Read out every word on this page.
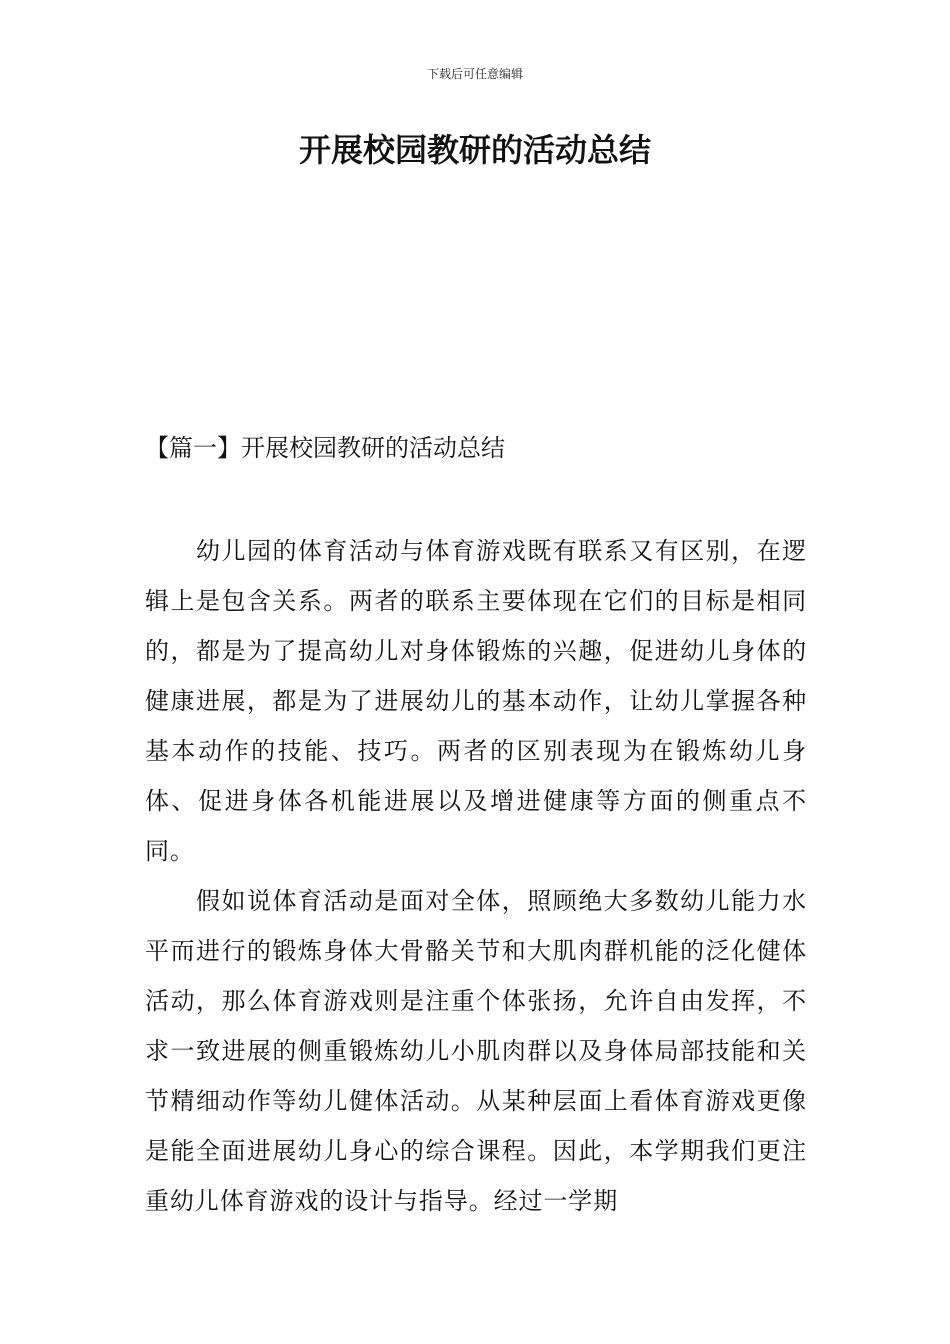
下载后可任意编辑
开展校园教研的活动总结
【篇一】开展校园教研的活动总结

幼儿园的体育活动与体育游戏既有联系又有区别，在逻辑上是包含关系。两者的联系主要体现在它们的目标是相同的，都是为了提高幼儿对身体锻炼的兴趣，促进幼儿身体的健康进展，都是为了进展幼儿的基本动作，让幼儿掌握各种基本动作的技能、技巧。两者的区别表现为在锻炼幼儿身体、促进身体各机能进展以及增进健康等方面的侧重点不同。

假如说体育活动是面对全体，照顾绝大多数幼儿能力水平而进行的锻炼身体大骨骼关节和大肌肉群机能的泛化健体活动，那么体育游戏则是注重个体张扬，允许自由发挥，不求一致进展的侧重锻炼幼儿小肌肉群以及身体局部技能和关节精细动作等幼儿健体活动。从某种层面上看体育游戏更像是能全面进展幼儿身心的综合课程。因此，本学期我们更注重幼儿体育游戏的设计与指导。经过一学期
